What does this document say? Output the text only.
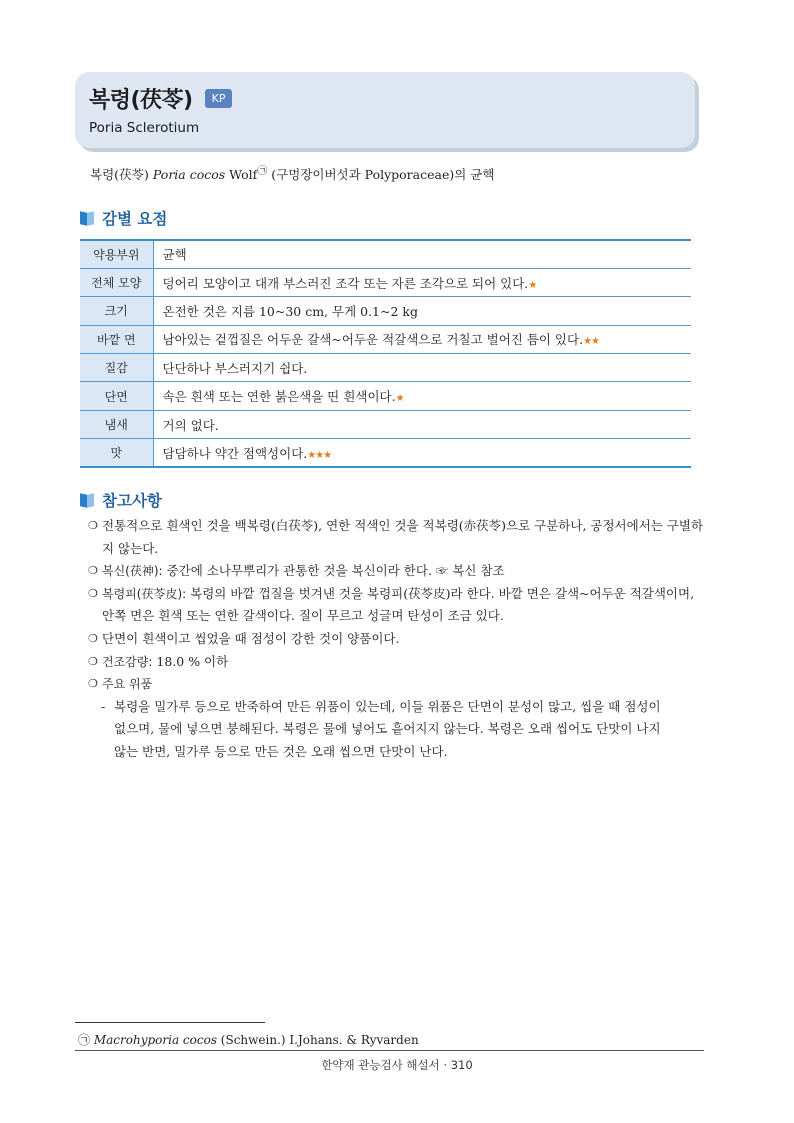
복령(茯苓)	KP
Poria Sclerotium
복령(茯苓) Poria cocos Wolf㉠ (구멍장이버섯과 Polyporaceae)의 균핵
감별 요점
약용부위	균핵
전체 모양	덩어리 모양이고 대개 부스러진 조각 또는 자른 조각으로 되어 있다.★
크기	온전한 것은 지름 10~30 cm, 무게 0.1~2 kg
바깥 면	남아있는 겉껍질은 어두운 갈색~어두운 적갈색으로 거칠고 벌어진 틈이 있다.★★
질감	단단하나 부스러지기 쉽다.
단면	속은 흰색 또는 연한 붉은색을 띤 흰색이다.★
냄새	거의 없다.
맛	담담하나 약간 점액성이다.★★★
참고사항
❍ 전통적으로 흰색인 것을 백복령(白茯苓), 연한 적색인 것을 적복령(赤茯苓)으로 구분하나, 공정서에서는 구별하
지 않는다.
❍ 복신(茯神): 중간에 소나무뿌리가 관통한 것을 복신이라 한다. ☞ 복신 참조
❍ 복령피(茯苓皮): 복령의 바깥 껍질을 벗겨낸 것을 복령피(茯苓皮)라 한다. 바깥 면은 갈색~어두운 적갈색이며,
안쪽 면은 흰색 또는 연한 갈색이다. 질이 무르고 성글며 탄성이 조금 있다.
❍ 단면이 흰색이고 씹었을 때 점성이 강한 것이 양품이다.
❍ 건조감량: 18.0 % 이하
❍ 주요 위품
- 복령을 밀가루 등으로 반죽하여 만든 위품이 있는데, 이들 위품은 단면이 분성이 많고, 씹을 때 점성이
없으며, 물에 넣으면 붕해된다. 복령은 물에 넣어도 흩어지지 않는다. 복령은 오래 씹어도 단맛이 나지
않는 반면, 밀가루 등으로 만든 것은 오래 씹으면 단맛이 난다.
㉠ Macrohyporia cocos (Schwein.) I.Johans. & Ryvarden
한약재 관능검사 해설서 · 310
